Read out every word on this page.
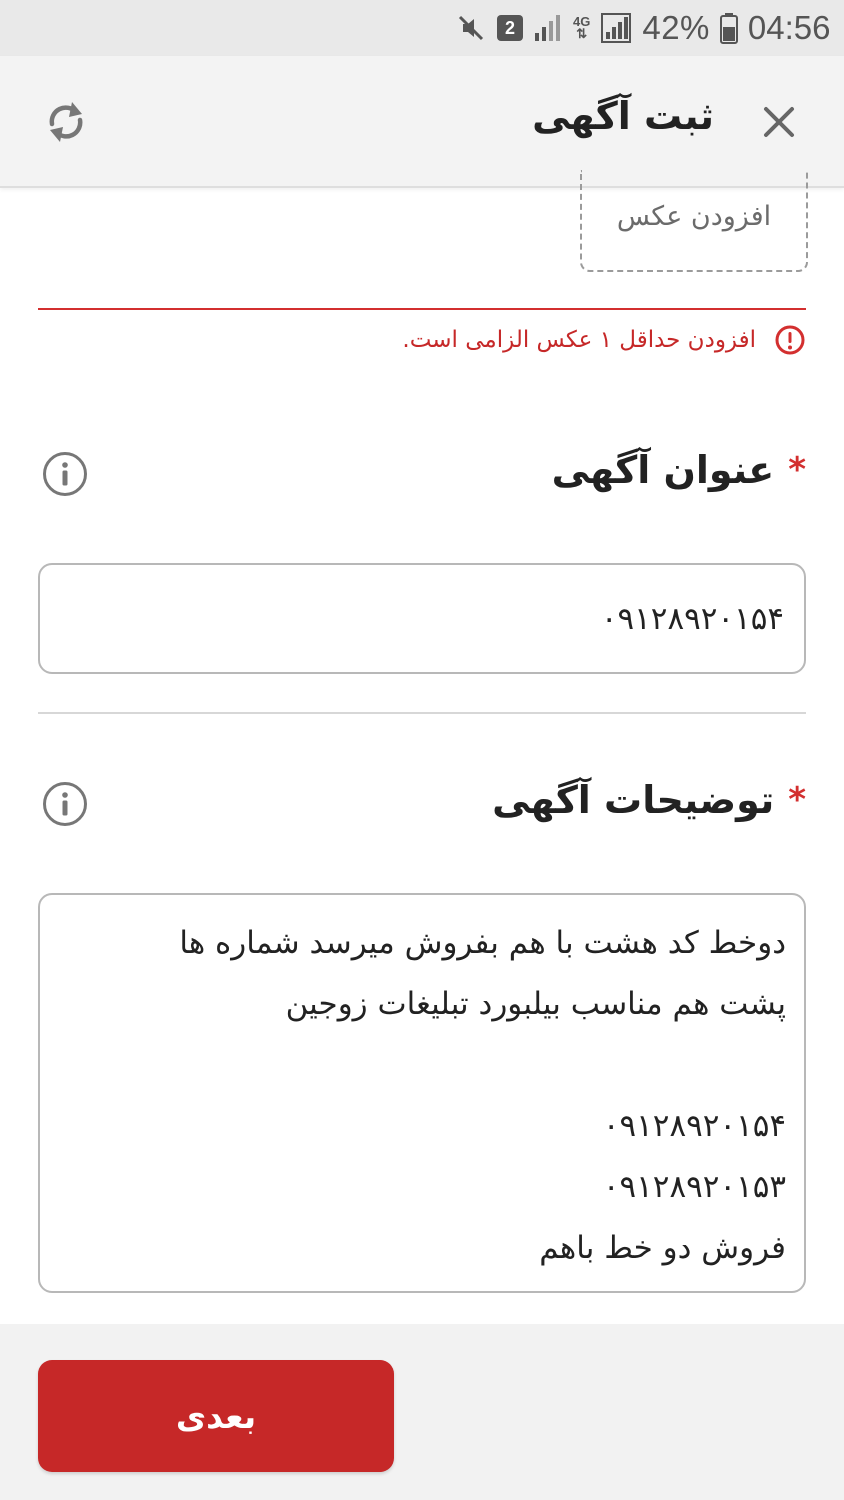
2	4G
⇅ 42% 04:56
ثبت آگهی
افزودن عکس
افزودن حداقل ۱ عکس الزامی است.
عنوان آگهی *
۰۹۱۲۸۹۲۰۱۵۴
توضیحات آگهی *
دوخط کد هشت با هم بفروش میرسد شماره ها
پشت هم مناسب بیلبورد تبلیغات زوجین
۰۹۱۲۸۹۲۰۱۵۴
۰۹۱۲۸۹۲۰۱۵۳
فروش دو خط باهم
بعدی
